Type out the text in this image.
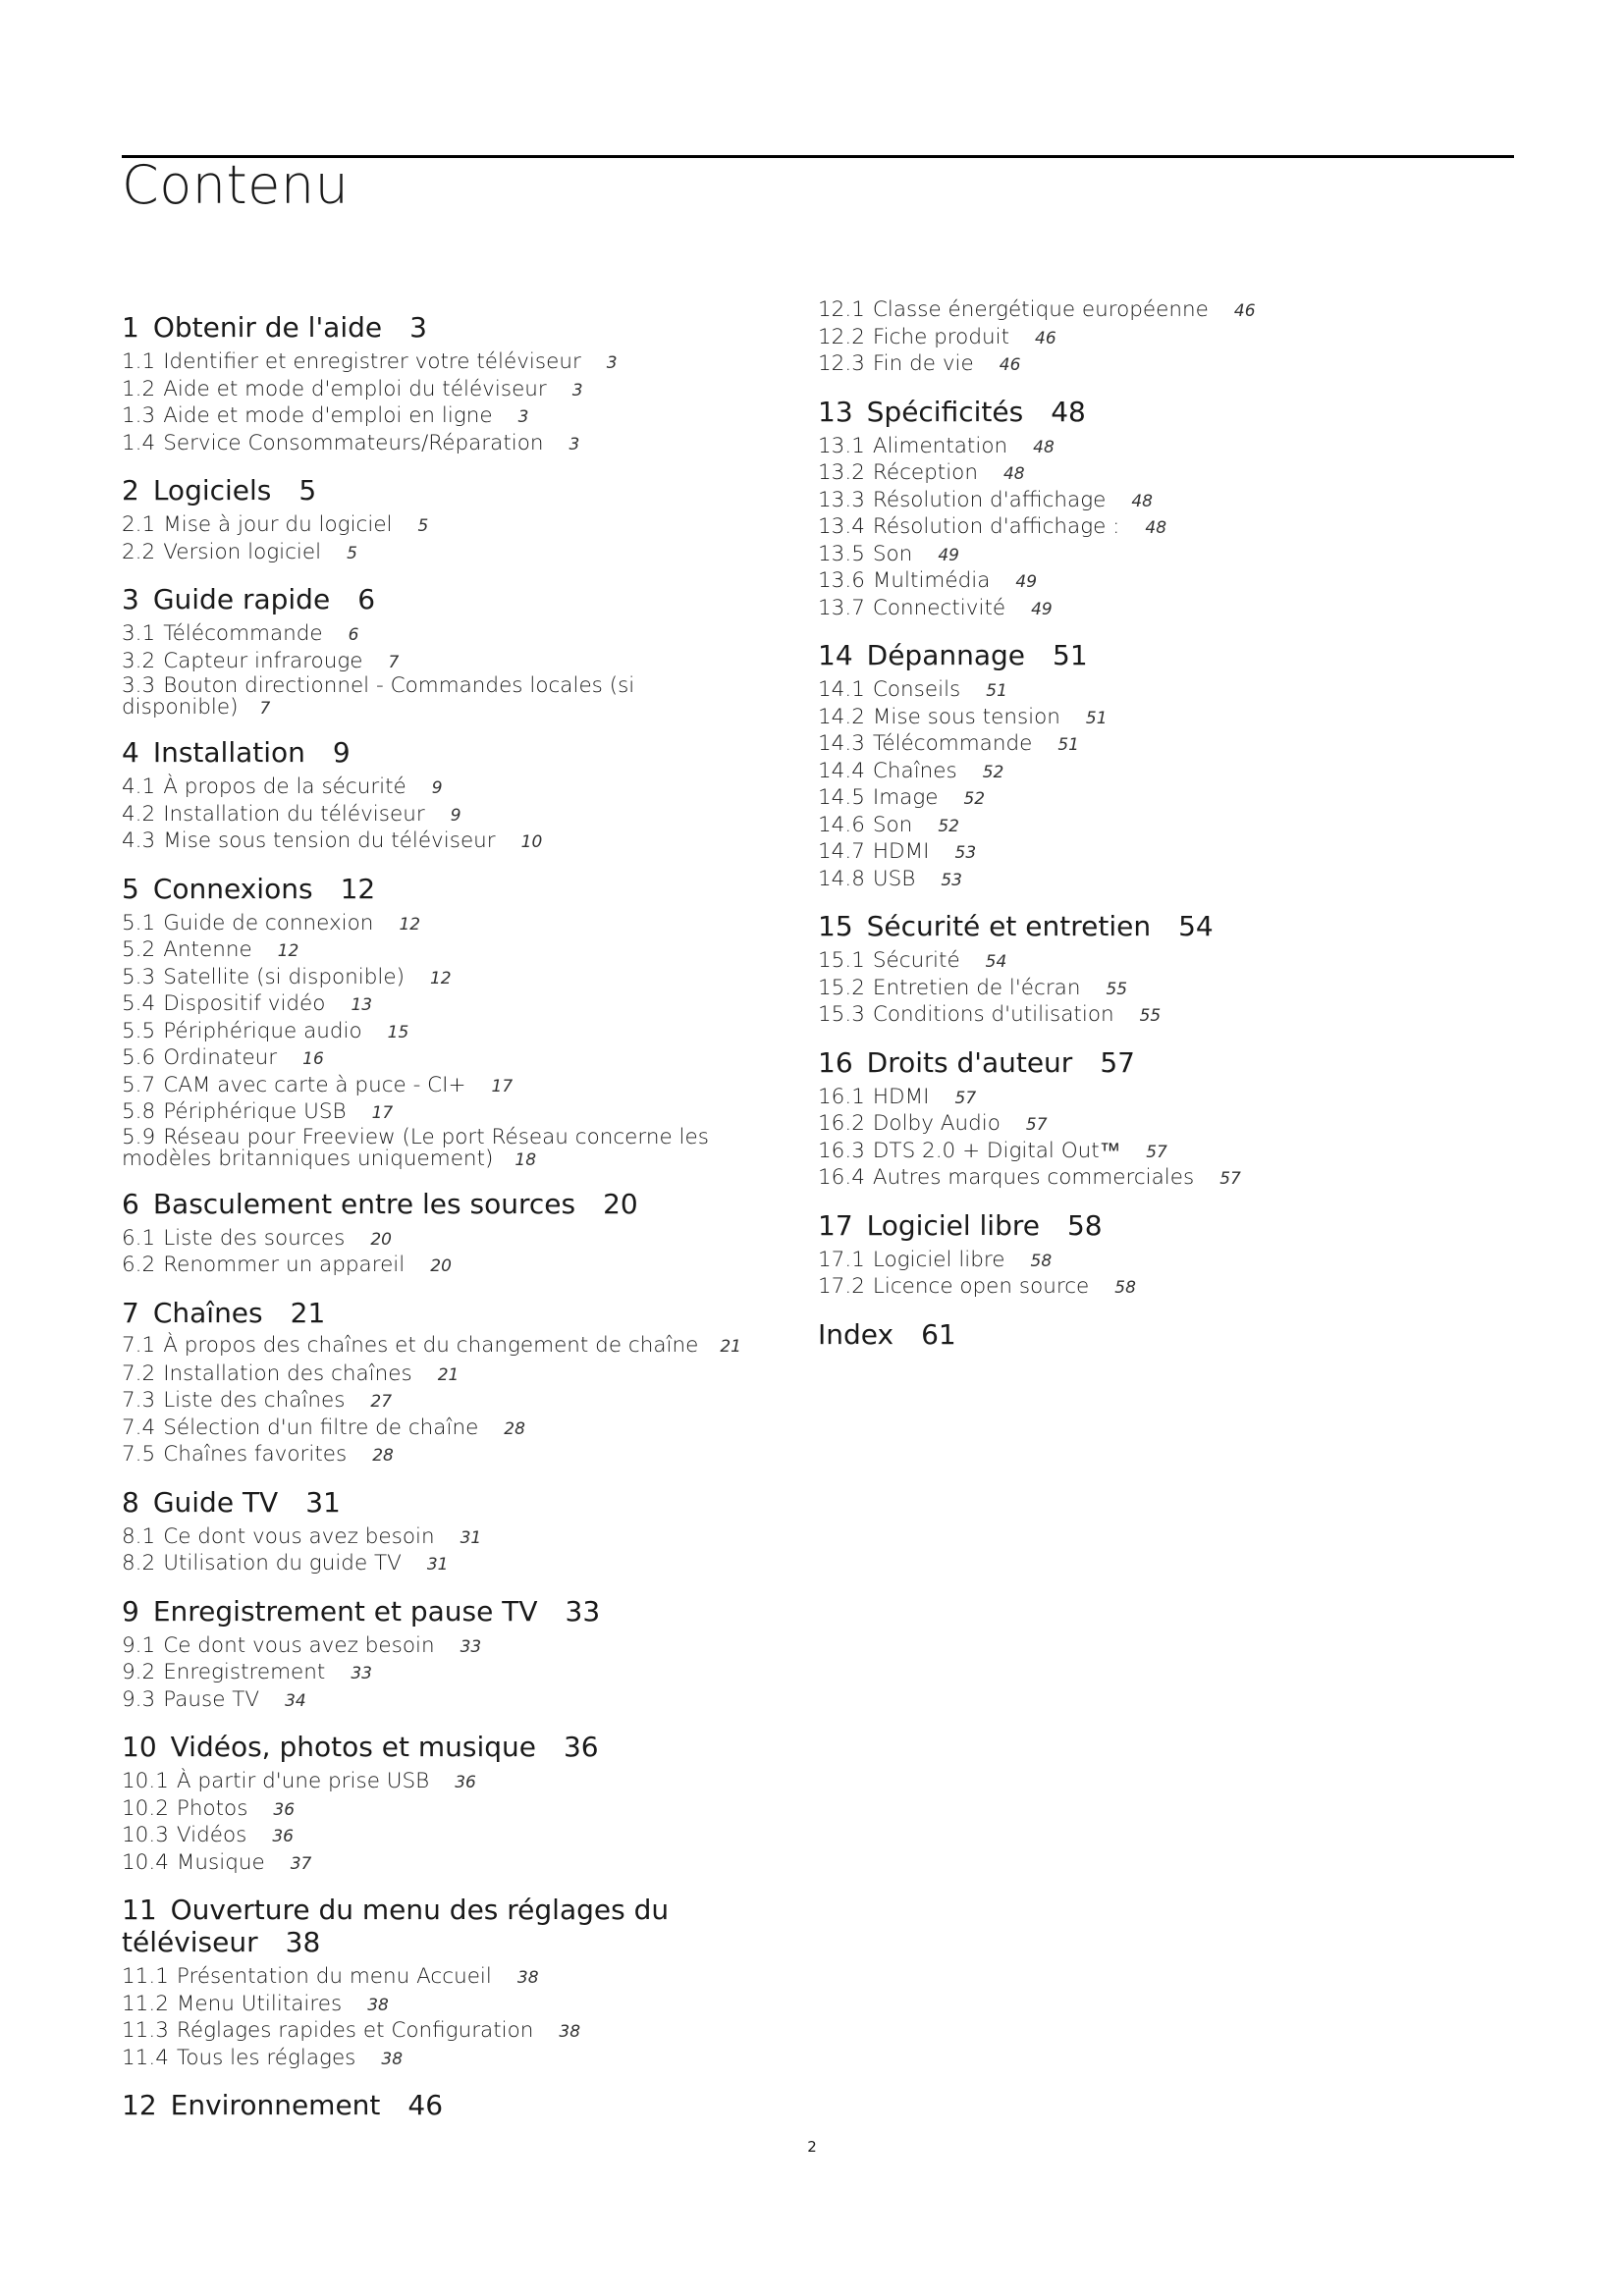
Contenu
1 Obtenir de l'aide 3
1.1 Identifier et enregistrer votre téléviseur 3
1.2 Aide et mode d'emploi du téléviseur 3
1.3 Aide et mode d'emploi en ligne 3
1.4 Service Consommateurs/Réparation 3
2 Logiciels 5
2.1 Mise à jour du logiciel 5
2.2 Version logiciel 5
3 Guide rapide 6
3.1 Télécommande 6
3.2 Capteur infrarouge 7
3.3 Bouton directionnel - Commandes locales (si disponible) 7
4 Installation 9
4.1 À propos de la sécurité 9
4.2 Installation du téléviseur 9
4.3 Mise sous tension du téléviseur 10
5 Connexions 12
5.1 Guide de connexion 12
5.2 Antenne 12
5.3 Satellite (si disponible) 12
5.4 Dispositif vidéo 13
5.5 Périphérique audio 15
5.6 Ordinateur 16
5.7 CAM avec carte à puce - CI+ 17
5.8 Périphérique USB 17
5.9 Réseau pour Freeview (Le port Réseau concerne les modèles britanniques uniquement) 18
6 Basculement entre les sources 20
6.1 Liste des sources 20
6.2 Renommer un appareil 20
7 Chaînes 21
7.1 À propos des chaînes et du changement de chaîne 21
7.2 Installation des chaînes 21
7.3 Liste des chaînes 27
7.4 Sélection d'un filtre de chaîne 28
7.5 Chaînes favorites 28
8 Guide TV 31
8.1 Ce dont vous avez besoin 31
8.2 Utilisation du guide TV 31
9 Enregistrement et pause TV 33
9.1 Ce dont vous avez besoin 33
9.2 Enregistrement 33
9.3 Pause TV 34
10 Vidéos, photos et musique 36
10.1 À partir d'une prise USB 36
10.2 Photos 36
10.3 Vidéos 36
10.4 Musique 37
11 Ouverture du menu des réglages du téléviseur 38
11.1 Présentation du menu Accueil 38
11.2 Menu Utilitaires 38
11.3 Réglages rapides et Configuration 38
11.4 Tous les réglages 38
12 Environnement 46
12.1 Classe énergétique européenne 46
12.2 Fiche produit 46
12.3 Fin de vie 46
13 Spécificités 48
13.1 Alimentation 48
13.2 Réception 48
13.3 Résolution d'affichage 48
13.4 Résolution d'affichage : 48
13.5 Son 49
13.6 Multimédia 49
13.7 Connectivité 49
14 Dépannage 51
14.1 Conseils 51
14.2 Mise sous tension 51
14.3 Télécommande 51
14.4 Chaînes 52
14.5 Image 52
14.6 Son 52
14.7 HDMI 53
14.8 USB 53
15 Sécurité et entretien 54
15.1 Sécurité 54
15.2 Entretien de l'écran 55
15.3 Conditions d'utilisation 55
16 Droits d'auteur 57
16.1 HDMI 57
16.2 Dolby Audio 57
16.3 DTS 2.0 + Digital Out™ 57
16.4 Autres marques commerciales 57
17 Logiciel libre 58
17.1 Logiciel libre 58
17.2 Licence open source 58
Index 61
2
